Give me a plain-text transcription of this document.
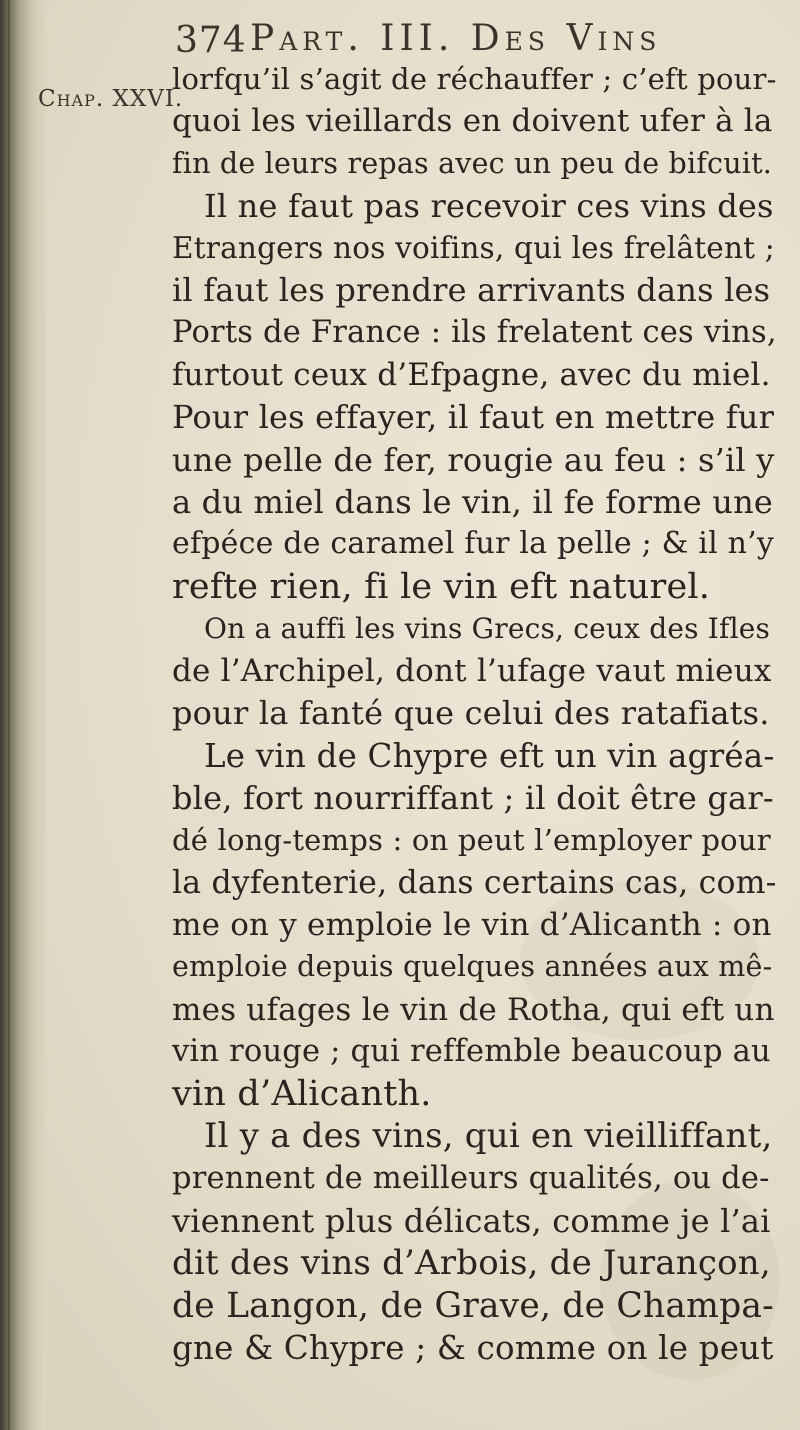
374 Part. III. Des Vins
Chap. XXVI.
lorfqu’il s’agit de réchauffer ; c’eft pour-
quoi les vieillards en doivent ufer à la
fin de leurs repas avec un peu de bifcuit.
Il ne faut pas recevoir ces vins des
Etrangers nos voifins, qui les frelâtent ;
il faut les prendre arrivants dans les
Ports de France : ils frelatent ces vins,
furtout ceux d’Efpagne, avec du miel.
Pour les effayer, il faut en mettre fur
une pelle de fer, rougie au feu : s’il y
a du miel dans le vin, il fe forme une
efpéce de caramel fur la pelle ; & il n’y
refte rien, fi le vin eft naturel.
On a auffi les vins Grecs, ceux des Ifles
de l’Archipel, dont l’ufage vaut mieux
pour la fanté que celui des ratafiats.
Le vin de Chypre eft un vin agréa-
ble, fort nourriffant ; il doit être gar-
dé long-temps : on peut l’employer pour
la dyfenterie, dans certains cas, com-
me on y emploie le vin d’Alicanth : on
emploie depuis quelques années aux mê-
mes ufages le vin de Rotha, qui eft un
vin rouge ; qui reffemble beaucoup au
vin d’Alicanth.
Il y a des vins, qui en vieilliffant,
prennent de meilleurs qualités, ou de-
viennent plus délicats, comme je l’ai
dit des vins d’Arbois, de Jurançon,
de Langon, de Grave, de Champa-
gne & Chypre ; & comme on le peut
